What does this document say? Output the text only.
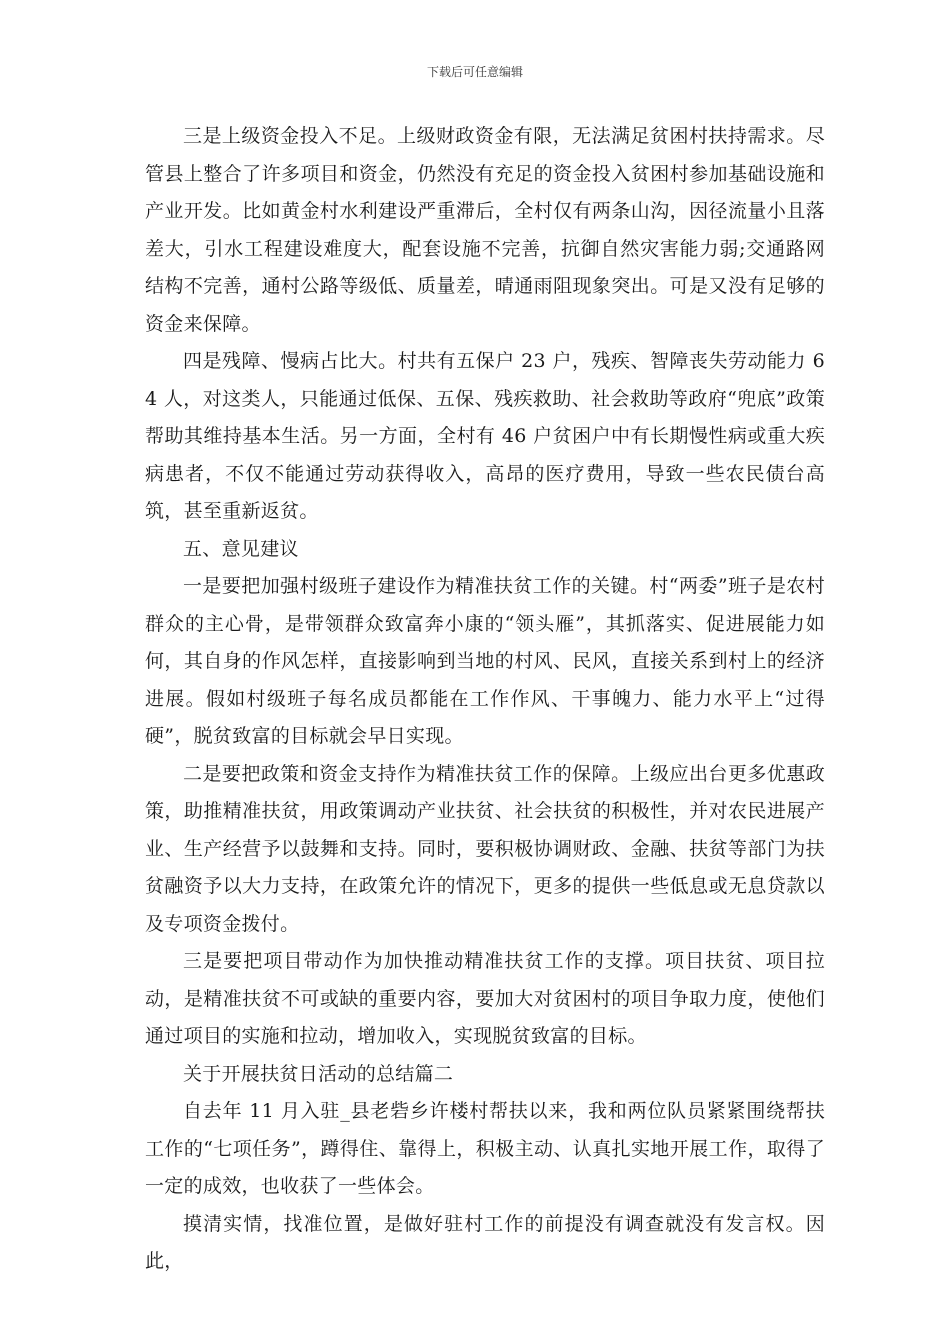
下载后可任意编辑

三是上级资金投入不足。上级财政资金有限，无法满足贫困村扶持需求。尽管县上整合了许多项目和资金，仍然没有充足的资金投入贫困村参加基础设施和产业开发。比如黄金村水利建设严重滞后，全村仅有两条山沟，因径流量小且落差大，引水工程建设难度大，配套设施不完善，抗御自然灾害能力弱;交通路网结构不完善，通村公路等级低、质量差，晴通雨阻现象突出。可是又没有足够的资金来保障。

四是残障、慢病占比大。村共有五保户 23 户，残疾、智障丧失劳动能力 64 人，对这类人，只能通过低保、五保、残疾救助、社会救助等政府“兜底”政策帮助其维持基本生活。另一方面，全村有 46 户贫困户中有长期慢性病或重大疾病患者，不仅不能通过劳动获得收入，高昂的医疗费用，导致一些农民债台高筑，甚至重新返贫。

五、意见建议

一是要把加强村级班子建设作为精准扶贫工作的关键。村“两委”班子是农村群众的主心骨，是带领群众致富奔小康的“领头雁”，其抓落实、促进展能力如何，其自身的作风怎样，直接影响到当地的村风、民风，直接关系到村上的经济进展。假如村级班子每名成员都能在工作作风、干事魄力、能力水平上“过得硬”，脱贫致富的目标就会早日实现。

二是要把政策和资金支持作为精准扶贫工作的保障。上级应出台更多优惠政策，助推精准扶贫，用政策调动产业扶贫、社会扶贫的积极性，并对农民进展产业、生产经营予以鼓舞和支持。同时，要积极协调财政、金融、扶贫等部门为扶贫融资予以大力支持，在政策允许的情况下，更多的提供一些低息或无息贷款以及专项资金拨付。

三是要把项目带动作为加快推动精准扶贫工作的支撑。项目扶贫、项目拉动，是精准扶贫不可或缺的重要内容，要加大对贫困村的项目争取力度，使他们通过项目的实施和拉动，增加收入，实现脱贫致富的目标。

关于开展扶贫日活动的总结篇二

自去年 11 月入驻_县老砦乡许楼村帮扶以来，我和两位队员紧紧围绕帮扶工作的“七项任务”，蹲得住、靠得上，积极主动、认真扎实地开展工作，取得了一定的成效，也收获了一些体会。

摸清实情，找准位置，是做好驻村工作的前提没有调查就没有发言权。因此，
